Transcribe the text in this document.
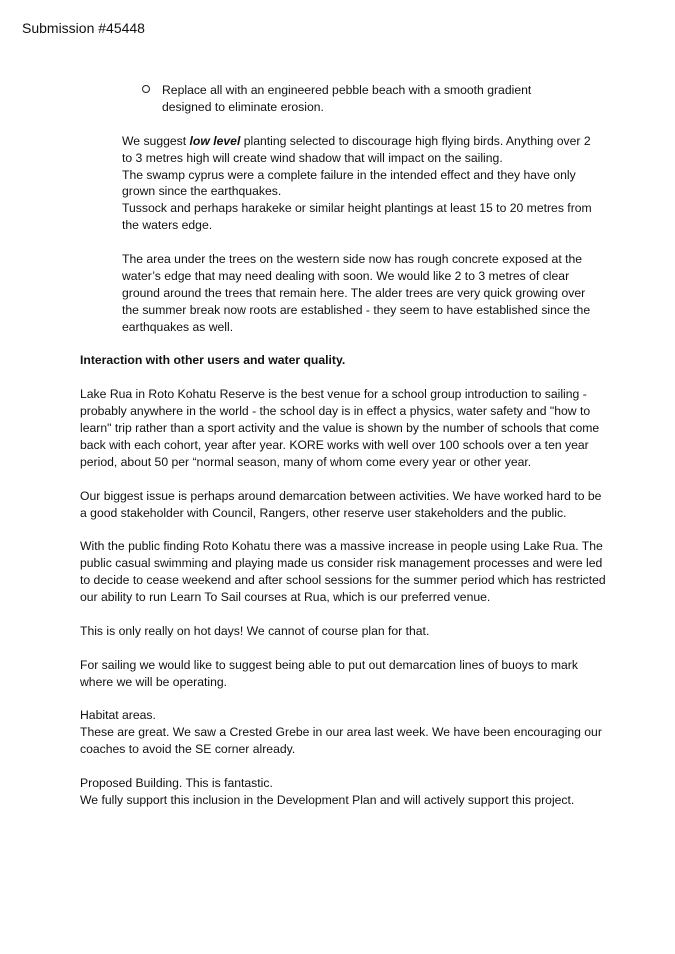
Submission #45448

Replace all with an engineered pebble beach with a smooth gradient designed to eliminate erosion.

We suggest low level planting selected to discourage high flying birds. Anything over 2 to 3 metres high will create wind shadow that will impact on the sailing.

The swamp cyprus were a complete failure in the intended effect and they have only grown since the earthquakes.

Tussock and perhaps harakeke or similar height plantings at least 15 to 20 metres from the waters edge.

The area under the trees on the western side now has rough concrete exposed at the water’s edge that may need dealing with soon. We would like 2 to 3 metres of clear ground around the trees that remain here. The alder trees are very quick growing over the summer break now roots are established - they seem to have established since the earthquakes as well.

Interaction with other users and water quality.

Lake Rua in Roto Kohatu Reserve is the best venue for a school group introduction to sailing - probably anywhere in the world - the school day is in effect a physics, water safety and "how to learn" trip rather than a sport activity and the value is shown by the number of schools that come back with each cohort, year after year. KORE works with well over 100 schools over a ten year period, about 50 per “normal season, many of whom come every year or other year.

Our biggest issue is perhaps around demarcation between activities. We have worked hard to be a good stakeholder with Council, Rangers, other reserve user stakeholders and the public.

With the public finding Roto Kohatu there was a massive increase in people using Lake Rua. The public casual swimming and playing made us consider risk management processes and were led to decide to cease weekend and after school sessions for the summer period which has restricted our ability to run Learn To Sail courses at Rua, which is our preferred venue.

This is only really on hot days! We cannot of course plan for that.

For sailing we would like to suggest being able to put out demarcation lines of buoys to mark where we will be operating.

Habitat areas.

These are great. We saw a Crested Grebe in our area last week. We have been encouraging our coaches to avoid the SE corner already.

Proposed Building. This is fantastic.

We fully support this inclusion in the Development Plan and will actively support this project.
